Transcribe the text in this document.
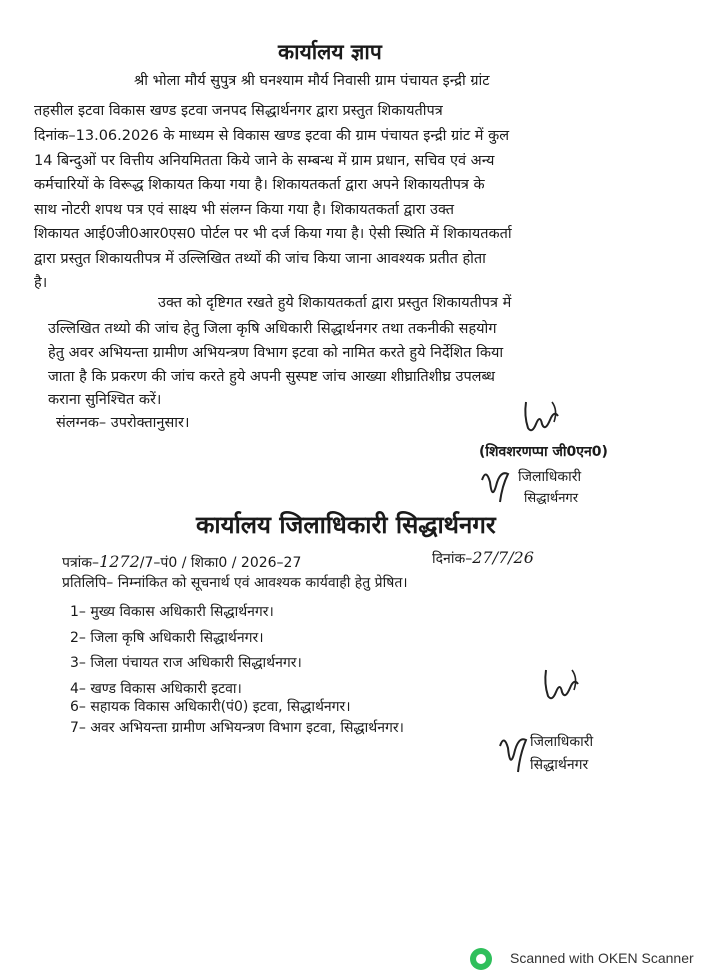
कार्यालय ज्ञाप
श्री भोला मौर्य सुपुत्र श्री घनश्याम मौर्य निवासी ग्राम पंचायत इन्द्री ग्रांट
तहसील इटवा विकास खण्ड इटवा जनपद सिद्धार्थनगर द्वारा प्रस्तुत शिकायतीपत्र
दिनांक–13.06.2026 के माध्यम से विकास खण्ड इटवा की ग्राम पंचायत इन्द्री ग्रांट में कुल
14 बिन्दुओं पर वित्तीय अनियमितता किये जाने के सम्बन्ध में ग्राम प्रधान, सचिव एवं अन्य
कर्मचारियों के विरूद्ध शिकायत किया गया है। शिकायतकर्ता द्वारा अपने शिकायतीपत्र के
साथ नोटरी शपथ पत्र एवं साक्ष्य भी संलग्न किया गया है। शिकायतकर्ता द्वारा उक्त
शिकायत आई0जी0आर0एस0 पोर्टल पर भी दर्ज किया गया है। ऐसी स्थिति में शिकायतकर्ता
द्वारा प्रस्तुत शिकायतीपत्र में उल्लिखित तथ्यों की जांच किया जाना आवश्यक प्रतीत होता
है।
उक्त को दृष्टिगत रखते हुये शिकायतकर्ता द्वारा प्रस्तुत शिकायतीपत्र में
उल्लिखित तथ्यो की जांच हेतु जिला कृषि अधिकारी सिद्धार्थनगर तथा तकनीकी सहयोग
हेतु अवर अभियन्ता ग्रामीण अभियन्त्रण विभाग इटवा को नामित करते हुये निर्देशित किया
जाता है कि प्रकरण की जांच करते हुये अपनी सुस्पष्ट जांच आख्या शीघ्रातिशीघ्र उपलब्ध
कराना सुनिश्चित करें।
संलग्नक– उपरोक्तानुसार।
(शिवशरणप्पा जी0एन0)
जिलाधिकारी
सिद्धार्थनगर
कार्यालय जिलाधिकारी सिद्धार्थनगर
पत्रांक–1272/7–पं0 / शिका0 / 2026–27	दिनांक–27/7/26
प्रतिलिपि– निम्नांकित को सूचनार्थ एवं आवश्यक कार्यवाही हेतु प्रेषित।
1– मुख्य विकास अधिकारी सिद्धार्थनगर।
2– जिला कृषि अधिकारी सिद्धार्थनगर।
3– जिला पंचायत राज अधिकारी सिद्धार्थनगर।
4– खण्ड विकास अधिकारी इटवा।
6– सहायक विकास अधिकारी(पं0) इटवा, सिद्धार्थनगर।
7– अवर अभियन्ता ग्रामीण अभियन्त्रण विभाग इटवा, सिद्धार्थनगर।
जिलाधिकारी
सिद्धार्थनगर
Scanned with OKEN Scanner
